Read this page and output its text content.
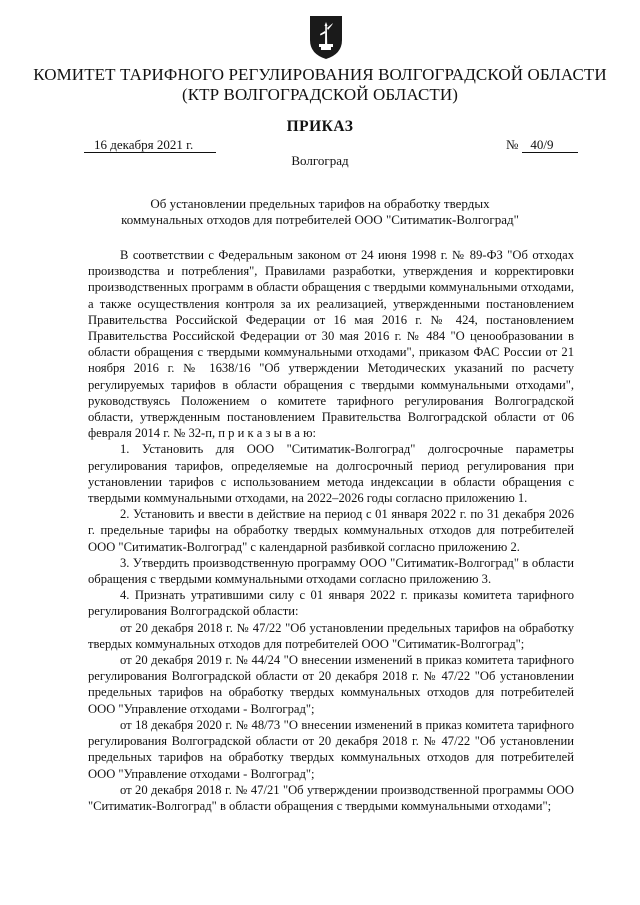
КОМИТЕТ ТАРИФНОГО РЕГУЛИРОВАНИЯ ВОЛГОГРАДСКОЙ ОБЛАСТИ
(КТР ВОЛГОГРАДСКОЙ ОБЛАСТИ)
ПРИКАЗ
16 декабря 2021 г.	№ 40/9
Волгоград
Об установлении предельных тарифов на обработку твердых
коммунальных отходов для потребителей ООО "Ситиматик-Волгоград"

В соответствии с Федеральным законом от 24 июня 1998 г. № 89-ФЗ "Об отходах производства и потребления", Правилами разработки, утверждения и корректировки производственных программ в области обращения с твердыми коммунальными отходами, а также осуществления контроля за их реализацией, утвержденными постановлением Правительства Российской Федерации от 16 мая 2016 г. № 424, постановлением Правительства Российской Федерации от 30 мая 2016 г. № 484 "О ценообразовании в области обращения с твердыми коммунальными отходами", приказом ФАС России от 21 ноября 2016 г. № 1638/16 "Об утверждении Методических указаний по расчету регулируемых тарифов в области обращения с твердыми коммунальными отходами", руководствуясь Положением о комитете тарифного регулирования Волгоградской области, утвержденным постановлением Правительства Волгоградской области от 06 февраля 2014 г. № 32-п, п р и к а з ы в а ю:

1. Установить для ООО "Ситиматик-Волгоград" долгосрочные параметры регулирования тарифов, определяемые на долгосрочный период регулирования при установлении тарифов с использованием метода индексации в области обращения с твердыми коммунальными отходами, на 2022–2026 годы согласно приложению 1.

2. Установить и ввести в действие на период с 01 января 2022 г. по 31 декабря 2026 г. предельные тарифы на обработку твердых коммунальных отходов для потребителей ООО "Ситиматик-Волгоград" с календарной разбивкой согласно приложению 2.

3. Утвердить производственную программу ООО "Ситиматик-Волгоград" в области обращения с твердыми коммунальными отходами согласно приложению 3.

4. Признать утратившими силу с 01 января 2022 г. приказы комитета тарифного регулирования Волгоградской области:

от 20 декабря 2018 г. № 47/22 "Об установлении предельных тарифов на обработку твердых коммунальных отходов для потребителей ООО "Ситиматик-Волгоград";

от 20 декабря 2019 г. № 44/24 "О внесении изменений в приказ комитета тарифного регулирования Волгоградской области от 20 декабря 2018 г. № 47/22 "Об установлении предельных тарифов на обработку твердых коммунальных отходов для потребителей ООО "Управление отходами - Волгоград";

от 18 декабря 2020 г. № 48/73 "О внесении изменений в приказ комитета тарифного регулирования Волгоградской области от 20 декабря 2018 г. № 47/22 "Об установлении предельных тарифов на обработку твердых коммунальных отходов для потребителей ООО "Управление отходами - Волгоград";

от 20 декабря 2018 г. № 47/21 "Об утверждении производственной программы ООО "Ситиматик-Волгоград" в области обращения с твердыми коммунальными отходами";
